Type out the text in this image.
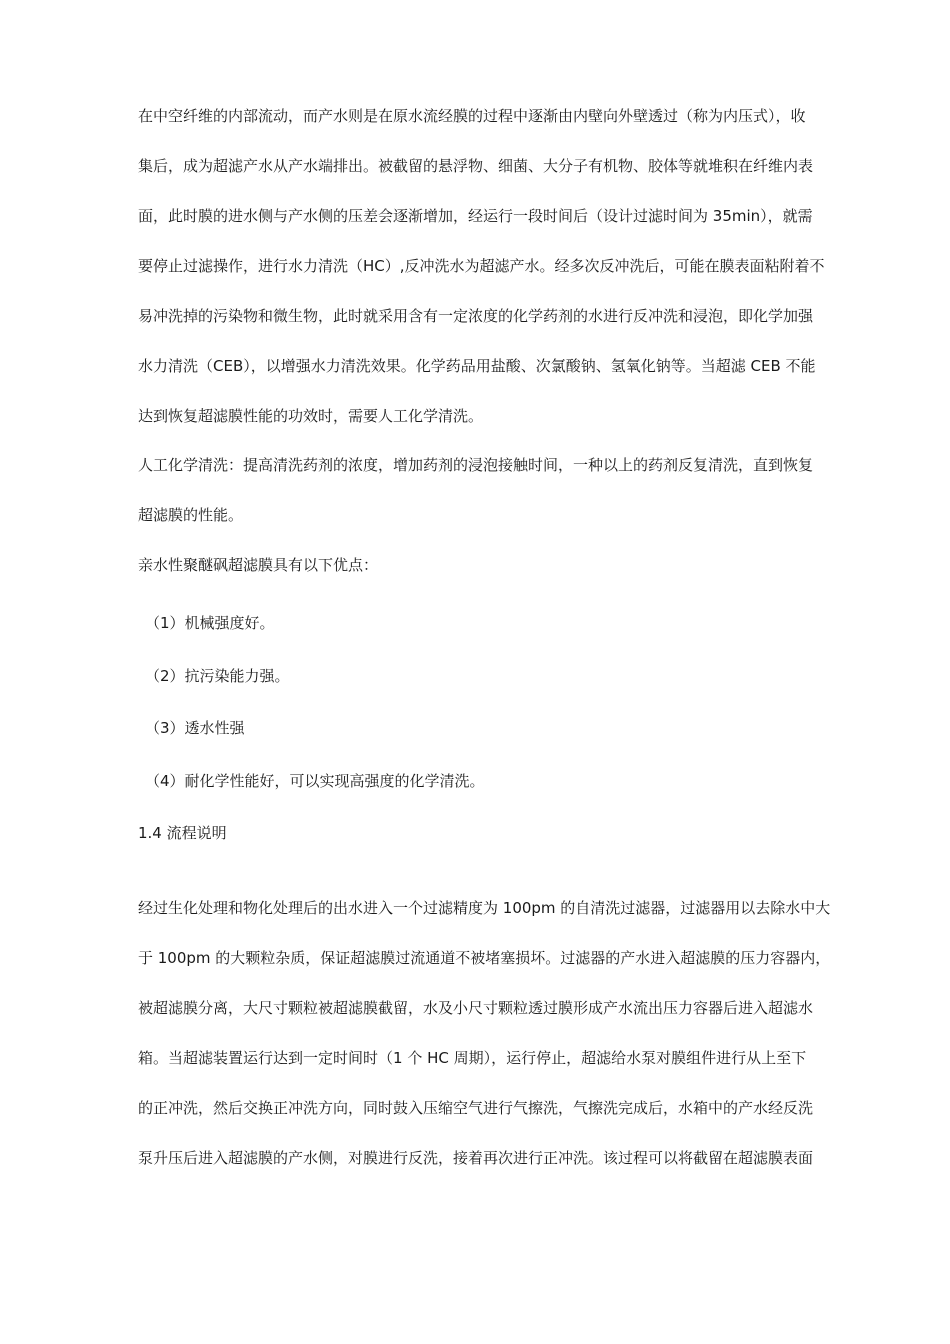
在中空纤维的内部流动，而产水则是在原水流经膜的过程中逐渐由内壁向外壁透过（称为内压式），收
集后，成为超滤产水从产水端排出。被截留的悬浮物、细菌、大分子有机物、胶体等就堆积在纤维内表
面，此时膜的进水侧与产水侧的压差会逐渐增加，经运行一段时间后（设计过滤时间为 35min），就需
要停止过滤操作，进行水力清洗（HC）,反冲洗水为超滤产水。经多次反冲洗后，可能在膜表面粘附着不
易冲洗掉的污染物和微生物，此时就采用含有一定浓度的化学药剂的水进行反冲洗和浸泡，即化学加强
水力清洗（CEB），以增强水力清洗效果。化学药品用盐酸、次氯酸钠、氢氧化钠等。当超滤 CEB 不能
达到恢复超滤膜性能的功效时，需要人工化学清洗。
人工化学清洗：提高清洗药剂的浓度，增加药剂的浸泡接触时间，一种以上的药剂反复清洗，直到恢复
超滤膜的性能。
亲水性聚醚砜超滤膜具有以下优点：
（1）机械强度好。
（2）抗污染能力强。
（3）透水性强
（4）耐化学性能好，可以实现高强度的化学清洗。
1.4 流程说明
经过生化处理和物化处理后的出水进入一个过滤精度为 100pm 的自清洗过滤器，过滤器用以去除水中大
于 100pm 的大颗粒杂质，保证超滤膜过流通道不被堵塞损坏。过滤器的产水进入超滤膜的压力容器内，
被超滤膜分离，大尺寸颗粒被超滤膜截留，水及小尺寸颗粒透过膜形成产水流出压力容器后进入超滤水
箱。当超滤装置运行达到一定时间时（1 个 HC 周期），运行停止，超滤给水泵对膜组件进行从上至下
的正冲洗，然后交换正冲洗方向，同时鼓入压缩空气进行气擦洗，气擦洗完成后，水箱中的产水经反洗
泵升压后进入超滤膜的产水侧，对膜进行反洗，接着再次进行正冲洗。该过程可以将截留在超滤膜表面
